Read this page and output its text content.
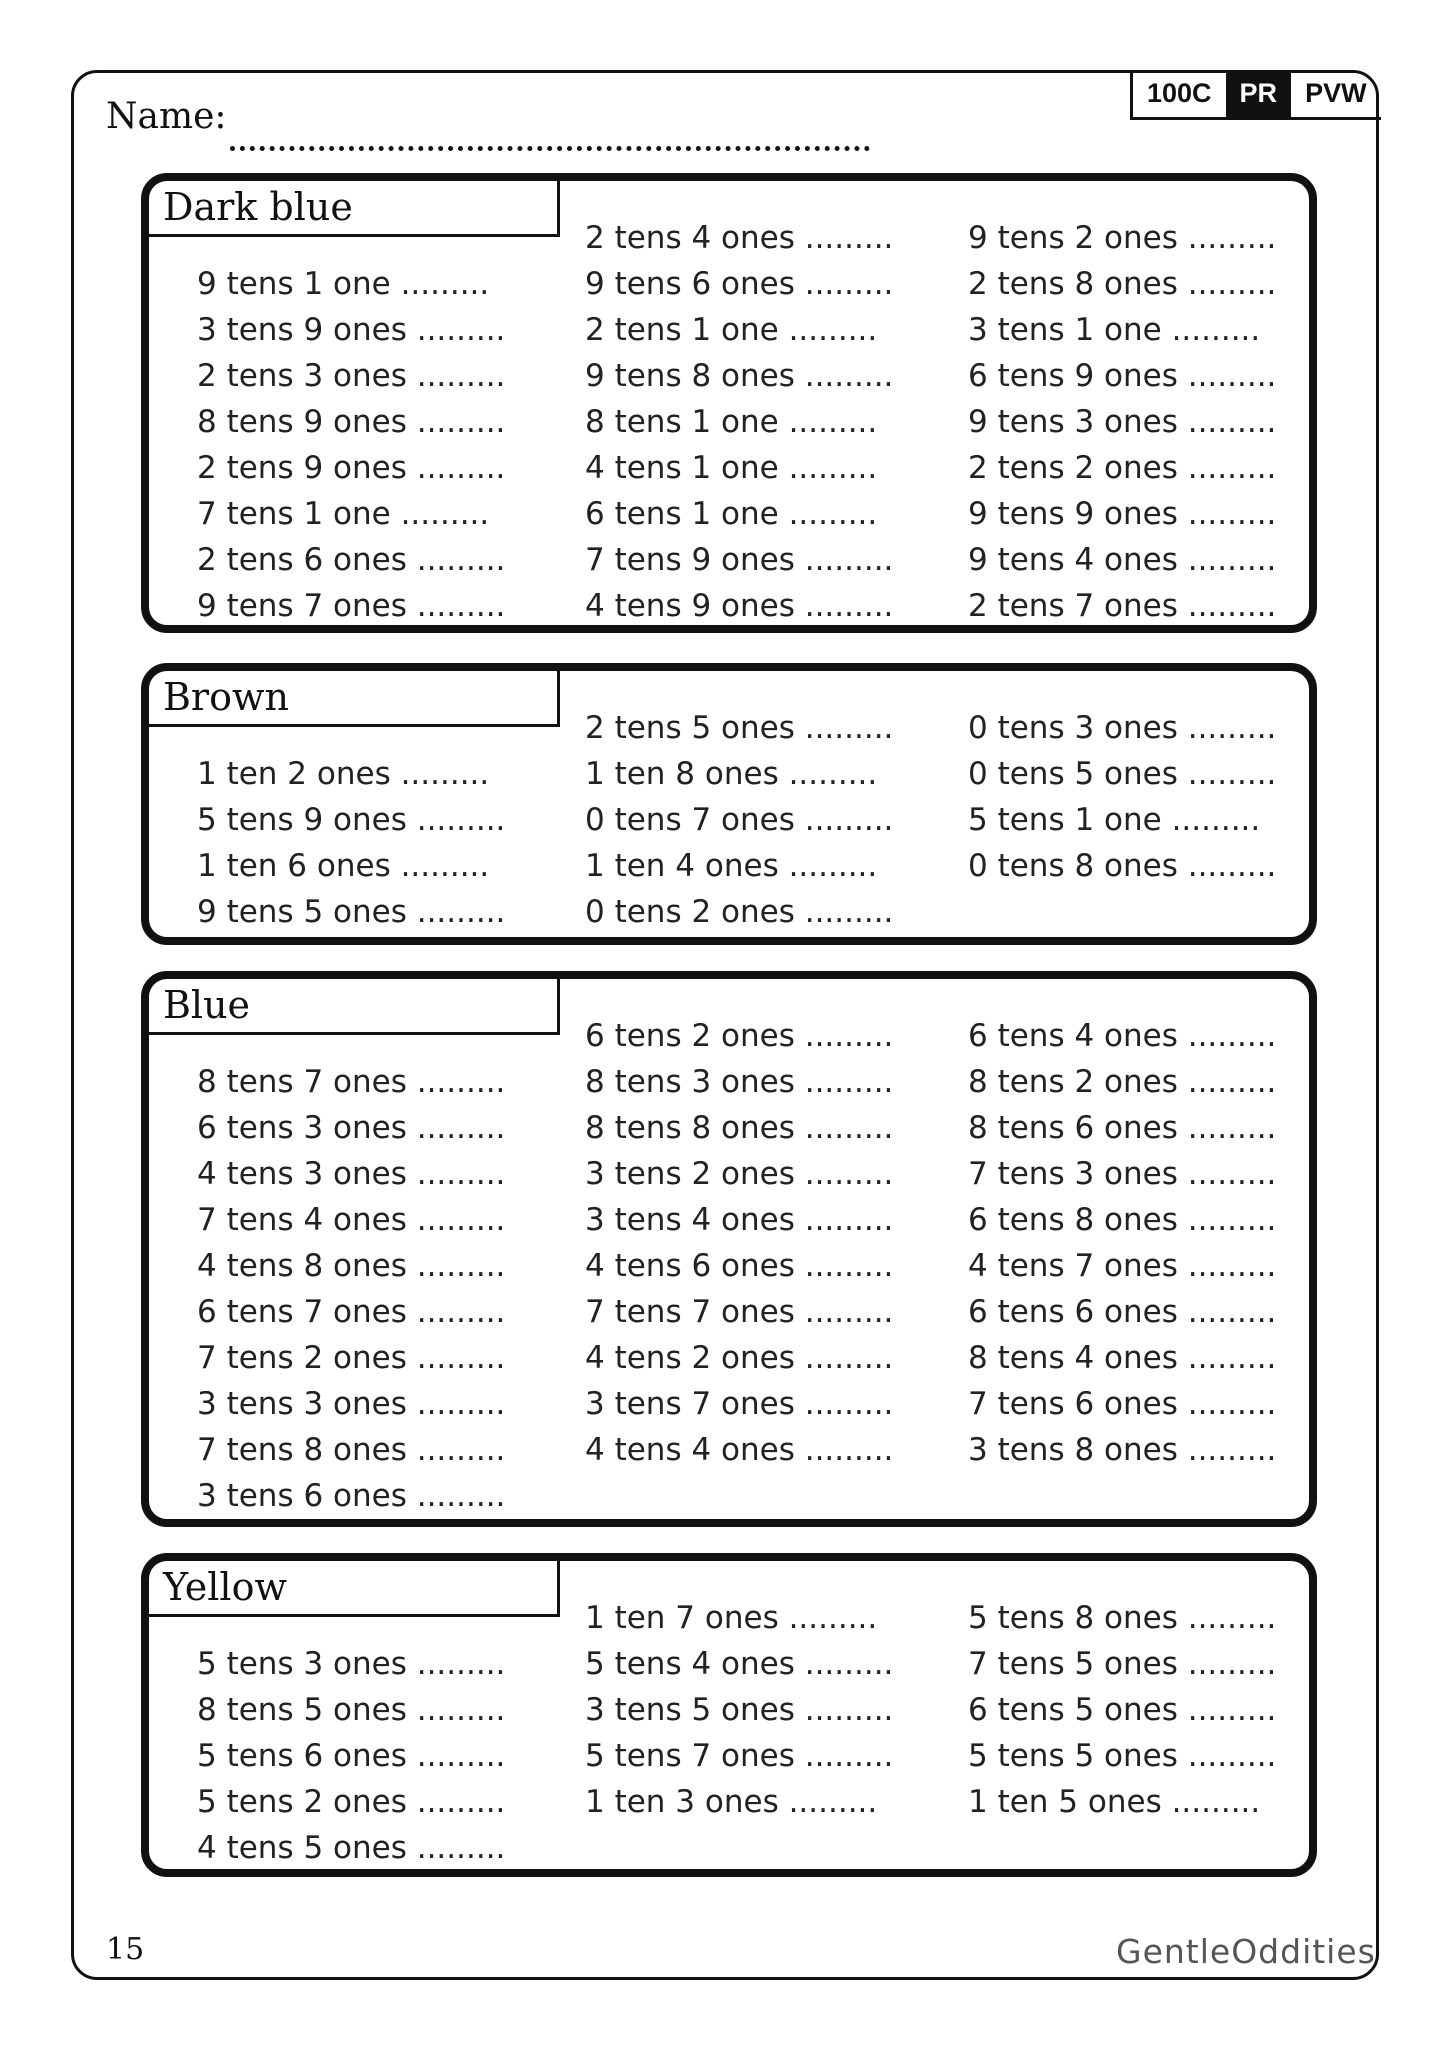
Name:
100C	PR	PVW
Dark blue
9 tens 1 one .........
3 tens 9 ones .........
2 tens 3 ones .........
8 tens 9 ones .........
2 tens 9 ones .........
7 tens 1 one .........
2 tens 6 ones .........
9 tens 7 ones .........
2 tens 4 ones .........
9 tens 6 ones .........
2 tens 1 one .........
9 tens 8 ones .........
8 tens 1 one .........
4 tens 1 one .........
6 tens 1 one .........
7 tens 9 ones .........
4 tens 9 ones .........
9 tens 2 ones .........
2 tens 8 ones .........
3 tens 1 one .........
6 tens 9 ones .........
9 tens 3 ones .........
2 tens 2 ones .........
9 tens 9 ones .........
9 tens 4 ones .........
2 tens 7 ones .........
Brown
1 ten 2 ones .........
5 tens 9 ones .........
1 ten 6 ones .........
9 tens 5 ones .........
2 tens 5 ones .........
1 ten 8 ones .........
0 tens 7 ones .........
1 ten 4 ones .........
0 tens 2 ones .........
0 tens 3 ones .........
0 tens 5 ones .........
5 tens 1 one .........
0 tens 8 ones .........
Blue
8 tens 7 ones .........
6 tens 3 ones .........
4 tens 3 ones .........
7 tens 4 ones .........
4 tens 8 ones .........
6 tens 7 ones .........
7 tens 2 ones .........
3 tens 3 ones .........
7 tens 8 ones .........
3 tens 6 ones .........
6 tens 2 ones .........
8 tens 3 ones .........
8 tens 8 ones .........
3 tens 2 ones .........
3 tens 4 ones .........
4 tens 6 ones .........
7 tens 7 ones .........
4 tens 2 ones .........
3 tens 7 ones .........
4 tens 4 ones .........
6 tens 4 ones .........
8 tens 2 ones .........
8 tens 6 ones .........
7 tens 3 ones .........
6 tens 8 ones .........
4 tens 7 ones .........
6 tens 6 ones .........
8 tens 4 ones .........
7 tens 6 ones .........
3 tens 8 ones .........
Yellow
5 tens 3 ones .........
8 tens 5 ones .........
5 tens 6 ones .........
5 tens 2 ones .........
4 tens 5 ones .........
1 ten 7 ones .........
5 tens 4 ones .........
3 tens 5 ones .........
5 tens 7 ones .........
1 ten 3 ones .........
5 tens 8 ones .........
7 tens 5 ones .........
6 tens 5 ones .........
5 tens 5 ones .........
1 ten 5 ones .........
15	GentleOddities
